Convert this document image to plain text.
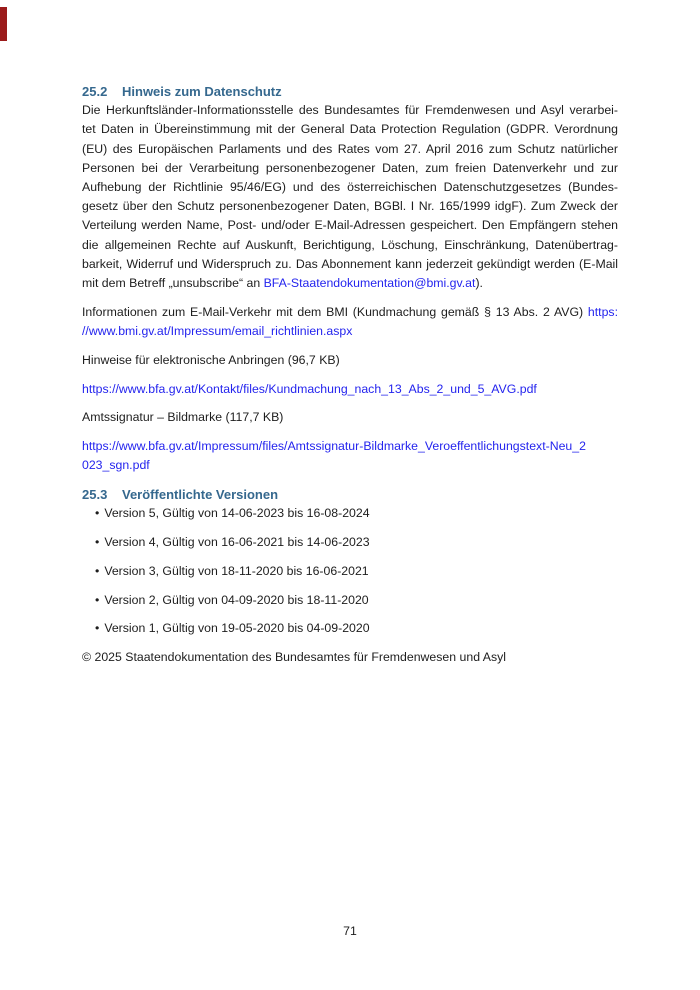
25.2	Hinweis zum Datenschutz
Die Herkunftsländer-Informationsstelle des Bundesamtes für Fremdenwesen und Asyl verarbei-
tet Daten in Übereinstimmung mit der General Data Protection Regulation (GDPR. Verordnung
(EU) des Europäischen Parlaments und des Rates vom 27. April 2016 zum Schutz natürlicher
Personen bei der Verarbeitung personenbezogener Daten, zum freien Datenverkehr und zur
Aufhebung der Richtlinie 95/46/EG) und des österreichischen Datenschutzgesetzes (Bundes-
gesetz über den Schutz personenbezogener Daten, BGBl. I Nr. 165/1999 idgF). Zum Zweck der
Verteilung werden Name, Post- und/oder E-Mail-Adressen gespeichert. Den Empfängern stehen
die allgemeinen Rechte auf Auskunft, Berichtigung, Löschung, Einschränkung, Datenübertrag-
barkeit, Widerruf und Widerspruch zu. Das Abonnement kann jederzeit gekündigt werden (E-Mail
mit dem Betreff „unsubscribe“ an BFA-Staatendokumentation@bmi.gv.at).
Informationen zum E-Mail-Verkehr mit dem BMI (Kundmachung gemäß § 13 Abs. 2 AVG) https:
//www.bmi.gv.at/Impressum/email_richtlinien.aspx
Hinweise für elektronische Anbringen (96,7 KB)
https://www.bfa.gv.at/Kontakt/files/Kundmachung_nach_13_Abs_2_und_5_AVG.pdf
Amtssignatur – Bildmarke (117,7 KB)
https://www.bfa.gv.at/Impressum/files/Amtssignatur-Bildmarke_Veroeffentlichungstext-Neu_2
023_sgn.pdf
25.3	Veröffentlichte Versionen
• Version 5, Gültig von 14-06-2023 bis 16-08-2024
• Version 4, Gültig von 16-06-2021 bis 14-06-2023
• Version 3, Gültig von 18-11-2020 bis 16-06-2021
• Version 2, Gültig von 04-09-2020 bis 18-11-2020
• Version 1, Gültig von 19-05-2020 bis 04-09-2020
© 2025 Staatendokumentation des Bundesamtes für Fremdenwesen und Asyl
71
